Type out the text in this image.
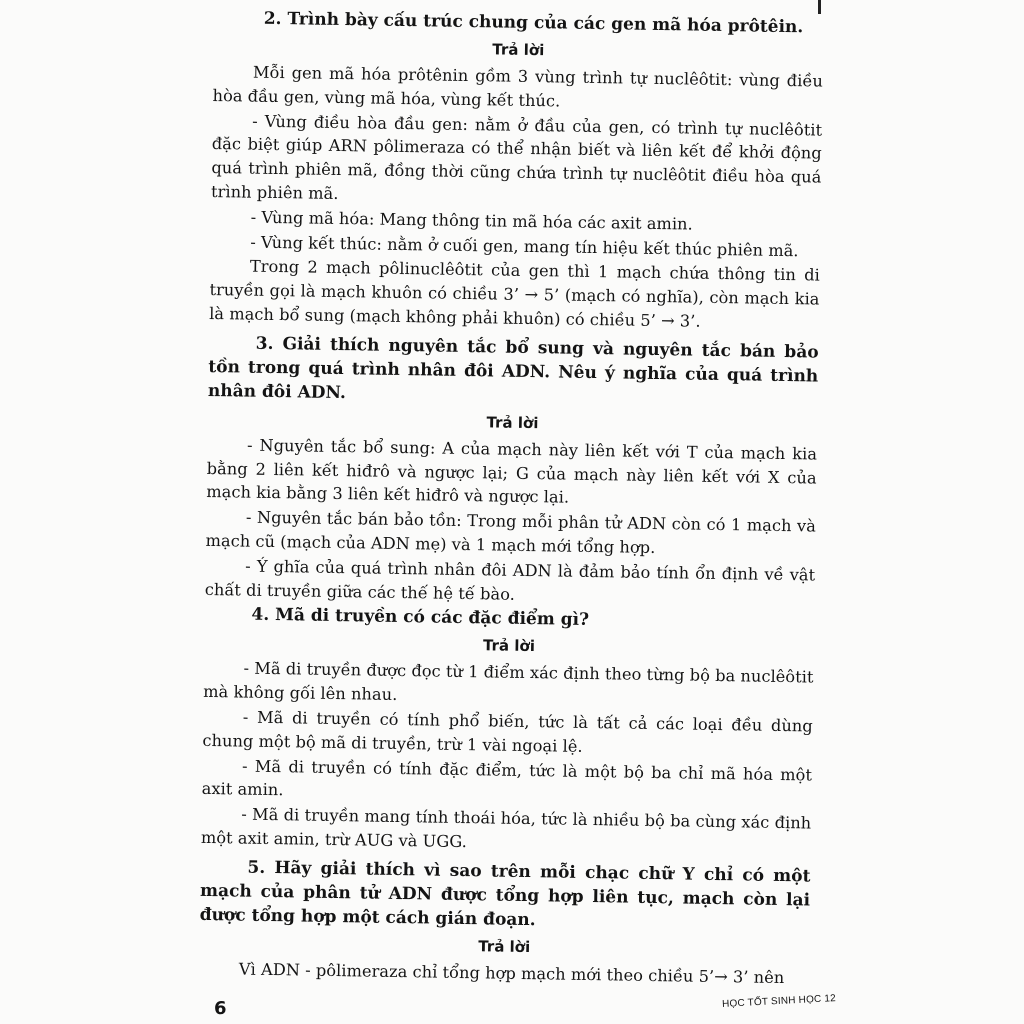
2. Trình bày cấu trúc chung của các gen mã hóa prôtêin.

Trả lời

Mỗi gen mã hóa prôtênin gồm 3 vùng trình tự nuclêôtit: vùng điều hòa đầu gen, vùng mã hóa, vùng kết thúc.

- Vùng điều hòa đầu gen: nằm ở đầu của gen, có trình tự nuclêôtit đặc biệt giúp ARN pôlimeraza có thể nhận biết và liên kết để khởi động quá trình phiên mã, đồng thời cũng chứa trình tự nuclêôtit điều hòa quá trình phiên mã.

- Vùng mã hóa: Mang thông tin mã hóa các axit amin.

- Vùng kết thúc: nằm ở cuối gen, mang tín hiệu kết thúc phiên mã.

Trong 2 mạch pôlinuclêôtit của gen thì 1 mạch chứa thông tin di truyền gọi là mạch khuôn có chiều 3’ → 5’ (mạch có nghĩa), còn mạch kia là mạch bổ sung (mạch không phải khuôn) có chiều 5’ → 3’.

3. Giải thích nguyên tắc bổ sung và nguyên tắc bán bảo tồn trong quá trình nhân đôi ADN. Nêu ý nghĩa của quá trình nhân đôi ADN.

Trả lời

- Nguyên tắc bổ sung: A của mạch này liên kết với T của mạch kia bằng 2 liên kết hiđrô và ngược lại; G của mạch này liên kết với X của mạch kia bằng 3 liên kết hiđrô và ngược lại.

- Nguyên tắc bán bảo tồn: Trong mỗi phân tử ADN còn có 1 mạch và mạch cũ (mạch của ADN mẹ) và 1 mạch mới tổng hợp.

- Ý ghĩa của quá trình nhân đôi ADN là đảm bảo tính ổn định về vật chất di truyền giữa các thế hệ tế bào.

4. Mã di truyền có các đặc điểm gì?

Trả lời

- Mã di truyền được đọc từ 1 điểm xác định theo từng bộ ba nuclêôtit mà không gối lên nhau.

- Mã di truyền có tính phổ biến, tức là tất cả các loại đều dùng chung một bộ mã di truyền, trừ 1 vài ngoại lệ.

- Mã di truyền có tính đặc điểm, tức là một bộ ba chỉ mã hóa một axit amin.

- Mã di truyền mang tính thoái hóa, tức là nhiều bộ ba cùng xác định một axit amin, trừ AUG và UGG.

5. Hãy giải thích vì sao trên mỗi chạc chữ Y chỉ có một mạch của phân tử ADN được tổng hợp liên tục, mạch còn lại được tổng hợp một cách gián đoạn.

Trả lời

Vì ADN - pôlimeraza chỉ tổng hợp mạch mới theo chiều 5’→ 3’ nên

6	HỌC TỐT SINH HỌC 12
